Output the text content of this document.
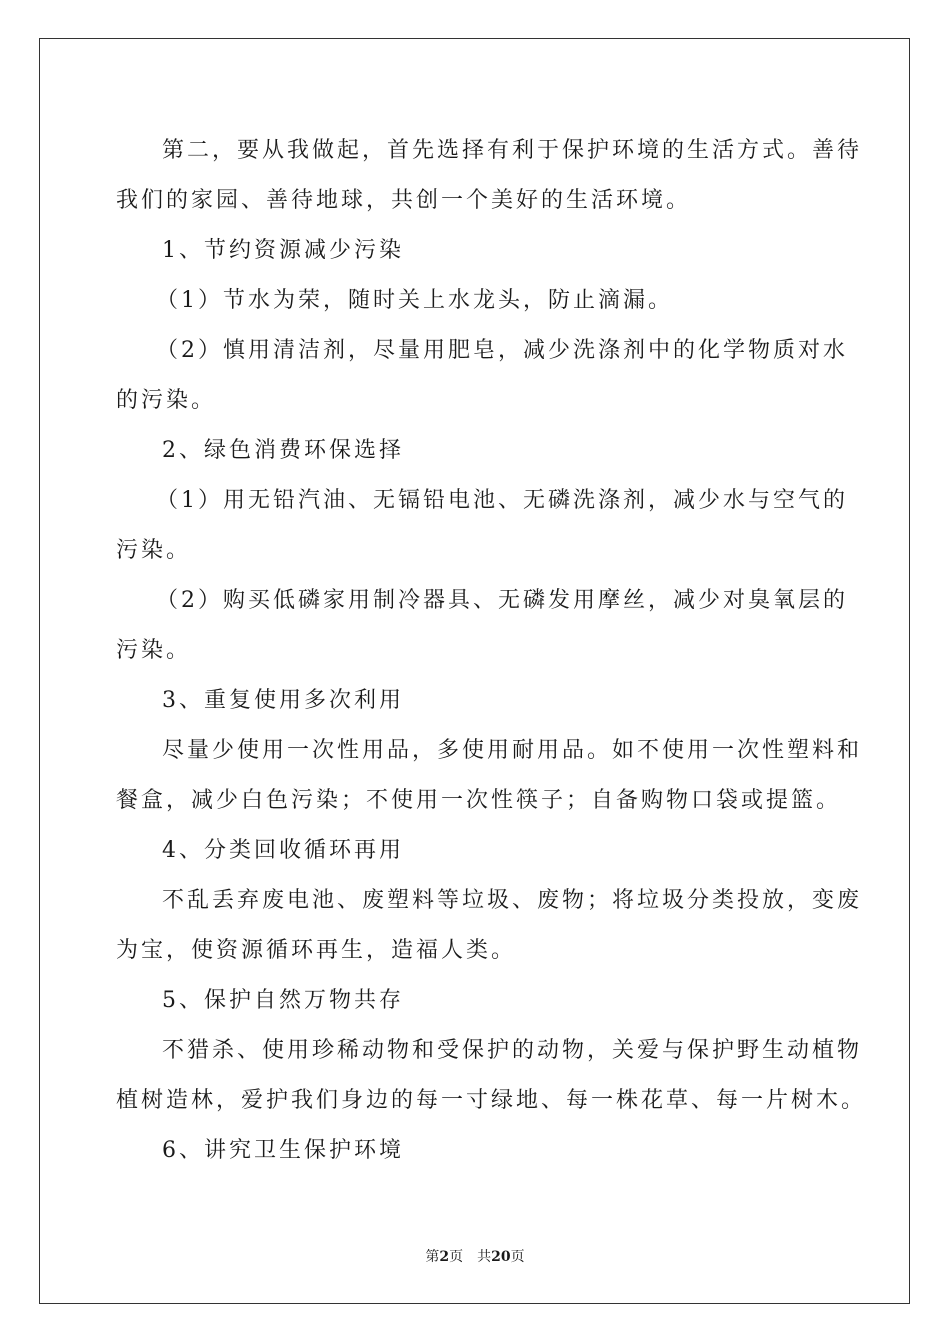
第二，要从我做起，首先选择有利于保护环境的生活方式。善待
我们的家园、善待地球，共创一个美好的生活环境。
1、节约资源减少污染
（1）节水为荣，随时关上水龙头，防止滴漏。
（2）慎用清洁剂，尽量用肥皂，减少洗涤剂中的化学物质对水
的污染。
2、绿色消费环保选择
（1）用无铅汽油、无镉铅电池、无磷洗涤剂，减少水与空气的
污染。
（2）购买低磷家用制冷器具、无磷发用摩丝，减少对臭氧层的
污染。
3、重复使用多次利用
尽量少使用一次性用品，多使用耐用品。如不使用一次性塑料和
餐盒，减少白色污染；不使用一次性筷子；自备购物口袋或提篮。
4、分类回收循环再用
不乱丢弃废电池、废塑料等垃圾、废物；将垃圾分类投放，变废
为宝，使资源循环再生，造福人类。
5、保护自然万物共存
不猎杀、使用珍稀动物和受保护的动物，关爱与保护野生动植物
植树造林，爱护我们身边的每一寸绿地、每一株花草、每一片树木。
6、讲究卫生保护环境
第2页 共20页
